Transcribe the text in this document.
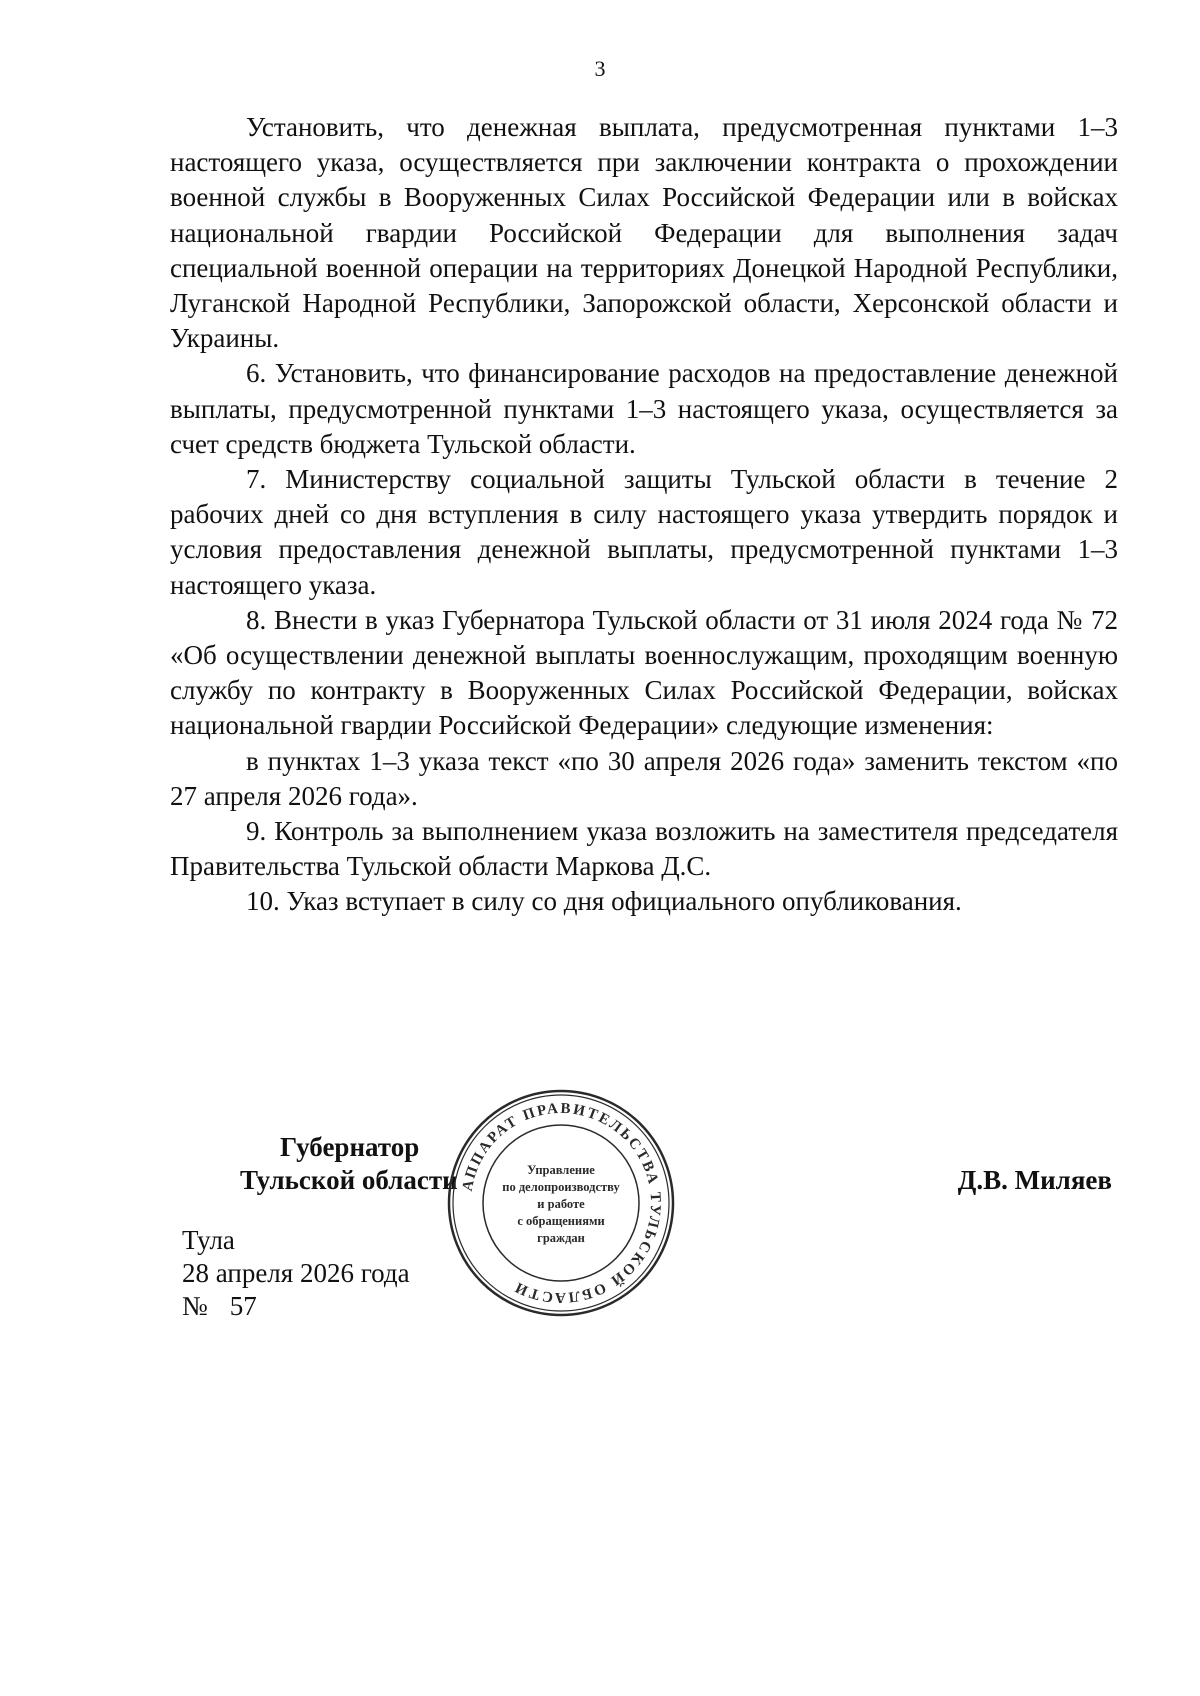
3

Установить, что денежная выплата, предусмотренная пунктами 1–3 настоящего указа, осуществляется при заключении контракта о прохождении военной службы в Вооруженных Силах Российской Федерации или в войсках национальной гвардии Российской Федерации для выполнения задач специальной военной операции на территориях Донецкой Народной Республики, Луганской Народной Республики, Запорожской области, Херсонской области и Украины.

6. Установить, что финансирование расходов на предоставление денежной выплаты, предусмотренной пунктами 1–3 настоящего указа, осуществляется за счет средств бюджета Тульской области.

7. Министерству социальной защиты Тульской области в течение 2 рабочих дней со дня вступления в силу настоящего указа утвердить порядок и условия предоставления денежной выплаты, предусмотренной пунктами 1–3 настоящего указа.

8. Внести в указ Губернатора Тульской области от 31 июля 2024 года № 72 «Об осуществлении денежной выплаты военнослужащим, проходящим военную службу по контракту в Вооруженных Силах Российской Федерации, войсках национальной гвардии Российской Федерации» следующие изменения:

в пунктах 1–3 указа текст «по 30 апреля 2026 года» заменить текстом «по 27 апреля 2026 года».

9. Контроль за выполнением указа возложить на заместителя председателя Правительства Тульской области Маркова Д.С.

10. Указ вступает в силу со дня официального опубликования.

Губернатор
Тульской области	Д.В. Миляев
Тула
28 апреля 2026 года
№ 57
АППАРАТ ПРАВИТЕЛЬСТВА ТУЛЬСКОЙ ОБЛАСТИ
Управление
по делопроизводству
и работе
с обращениями
граждан
